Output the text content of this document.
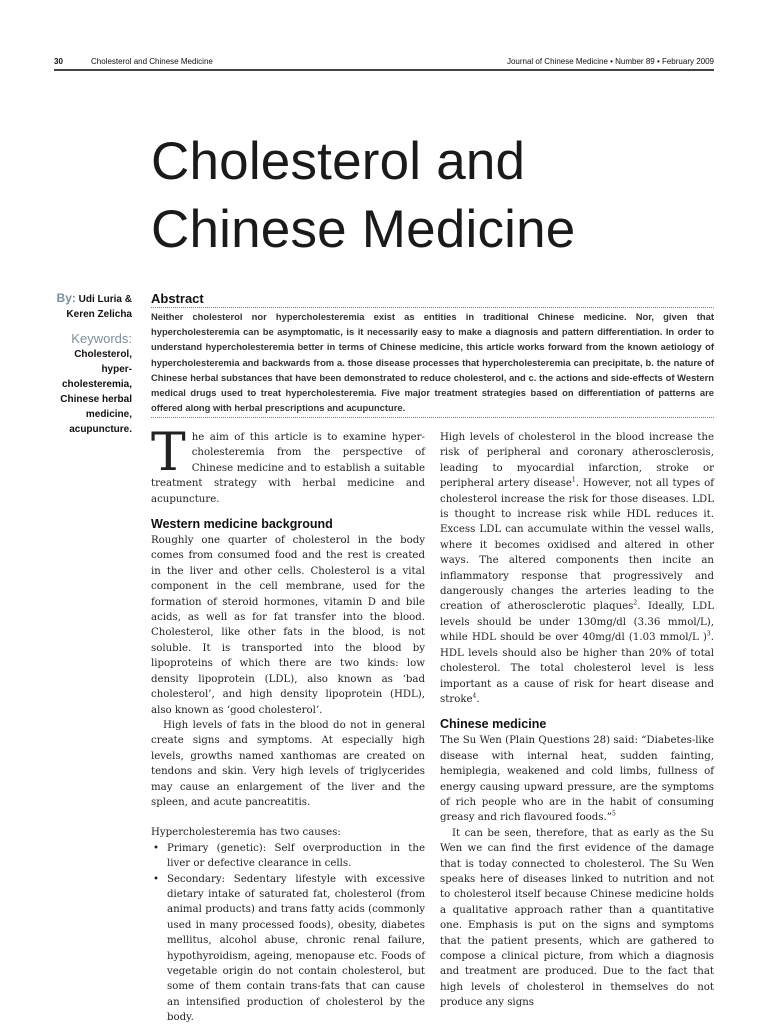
30	Cholesterol and Chinese Medicine	Journal of Chinese Medicine • Number 89 • February 2009
Cholesterol and
Chinese Medicine
By: Udi Luria &
Keren Zelicha
Keywords:
Cholesterol,
hyper-
cholesteremia,
Chinese herbal
medicine,
acupuncture.
Abstract
Neither cholesterol nor hypercholesteremia exist as entities in traditional Chinese medicine. Nor, given that hypercholesteremia can be asymptomatic, is it necessarily easy to make a diagnosis and pattern differentiation. In order to understand hypercholesteremia better in terms of Chinese medicine, this article works forward from the known aetiology of hypercholesteremia and backwards from a. those disease processes that hypercholesteremia can precipitate, b. the nature of Chinese herbal substances that have been demonstrated to reduce cholesterol, and c. the actions and side-effects of Western medical drugs used to treat hypercholesteremia. Five major treatment strategies based on differentiation of patterns are offered along with herbal prescriptions and acupuncture.

The aim of this article is to examine hyper-cholesteremia from the perspective of Chinese medicine and to establish a suitable treatment strategy with herbal medicine and acupuncture.

Western medicine background

Roughly one quarter of cholesterol in the body comes from consumed food and the rest is created in the liver and other cells. Cholesterol is a vital component in the cell membrane, used for the formation of steroid hormones, vitamin D and bile acids, as well as for fat transfer into the blood. Cholesterol, like other fats in the blood, is not soluble. It is transported into the blood by lipoproteins of which there are two kinds: low density lipoprotein (LDL), also known as ‘bad cholesterol’, and high density lipoprotein (HDL), also known as ‘good cholesterol’.

High levels of fats in the blood do not in general create signs and symptoms. At especially high levels, growths named xanthomas are created on tendons and skin. Very high levels of triglycerides may cause an enlargement of the liver and the spleen, and acute pancreatitis.

Hypercholesteremia has two causes:

• Primary (genetic): Self overproduction in the liver or defective clearance in cells.
• Secondary: Sedentary lifestyle with excessive dietary intake of saturated fat, cholesterol (from animal products) and trans fatty acids (commonly used in many processed foods), obesity, diabetes mellitus, alcohol abuse, chronic renal failure, hypothyroidism, ageing, menopause etc. Foods of vegetable origin do not contain cholesterol, but some of them contain trans-fats that can cause an intensified production of cholesterol by the body.

High levels of cholesterol in the blood increase the risk of peripheral and coronary atherosclerosis, leading to myocardial infarction, stroke or peripheral artery disease$^1$. However, not all types of cholesterol increase the risk for those diseases. LDL is thought to increase risk while HDL reduces it. Excess LDL can accumulate within the vessel walls, where it becomes oxidised and altered in other ways. The altered components then incite an inflammatory response that progressively and dangerously changes the arteries leading to the creation of atherosclerotic plaques$^2$. Ideally, LDL levels should be under 130mg/dl (3.36 mmol/L), while HDL should be over 40mg/dl (1.03 mmol/L )$^3$. HDL levels should also be higher than 20% of total cholesterol. The total cholesterol level is less important as a cause of risk for heart disease and stroke$^4$.

Chinese medicine

The Su Wen (Plain Questions 28) said: “Diabetes-like disease with internal heat, sudden fainting, hemiplegia, weakened and cold limbs, fullness of energy causing upward pressure, are the symptoms of rich people who are in the habit of consuming greasy and rich flavoured foods.”$^5$

It can be seen, therefore, that as early as the Su Wen we can find the first evidence of the damage that is today connected to cholesterol. The Su Wen speaks here of diseases linked to nutrition and not to cholesterol itself because Chinese medicine holds a qualitative approach rather than a quantitative one. Emphasis is put on the signs and symptoms that the patient presents, which are gathered to compose a clinical picture, from which a diagnosis and treatment are produced. Due to the fact that high levels of cholesterol in themselves do not produce any signs
